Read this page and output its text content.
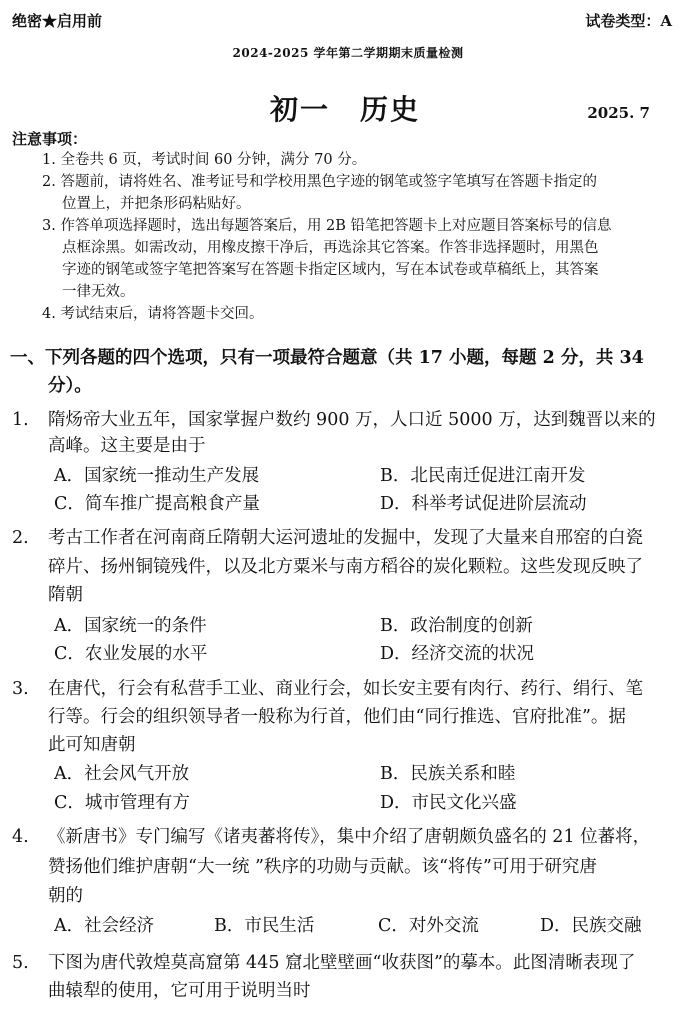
绝密★启用前	试卷类型：A
2024-2025 学年第二学期期末质量检测
初一　历史	2025. 7
注意事项：
1. 全卷共 6 页，考试时间 60 分钟，满分 70 分。
2. 答题前，请将姓名、准考证号和学校用黑色字迹的钢笔或签字笔填写在答题卡指定的
位置上，并把条形码粘贴好。
3. 作答单项选择题时，选出每题答案后，用 2B 铅笔把答题卡上对应题目答案标号的信息
点框涂黑。如需改动，用橡皮擦干净后，再选涂其它答案。作答非选择题时，用黑色
字迹的钢笔或签字笔把答案写在答题卡指定区域内，写在本试卷或草稿纸上，其答案
一律无效。
4. 考试结束后，请将答题卡交回。
一、下列各题的四个选项，只有一项最符合题意（共 17 小题，每题 2 分，共 34
分）。
1. 隋炀帝大业五年，国家掌握户数约 900 万，人口近 5000 万，达到魏晋以来的
高峰。这主要是由于
A．国家统一推动生产发展	B．北民南迁促进江南开发
C．简车推广提高粮食产量	D．科举考试促进阶层流动
2. 考古工作者在河南商丘隋朝大运河遗址的发掘中，发现了大量来自邢窑的白瓷
碎片、扬州铜镜残件，以及北方粟米与南方稻谷的炭化颗粒。这些发现反映了
隋朝
A．国家统一的条件	B．政治制度的创新
C．农业发展的水平	D．经济交流的状况
3. 在唐代，行会有私营手工业、商业行会，如长安主要有肉行、药行、绢行、笔
行等。行会的组织领导者一般称为行首，他们由“同行推选、官府批准”。据
此可知唐朝
A．社会风气开放	B．民族关系和睦
C．城市管理有方	D．市民文化兴盛
4. 《新唐书》专门编写《诸夷蕃将传》，集中介绍了唐朝颇负盛名的 21 位蕃将，
赞扬他们维护唐朝“大一统 ”秩序的功勋与贡献。该“将传”可用于研究唐
朝的
A．社会经济	B．市民生活	C．对外交流	D．民族交融
5. 下图为唐代敦煌莫高窟第 445 窟北壁壁画“收获图”的摹本。此图清晰表现了
曲辕犁的使用，它可用于说明当时
